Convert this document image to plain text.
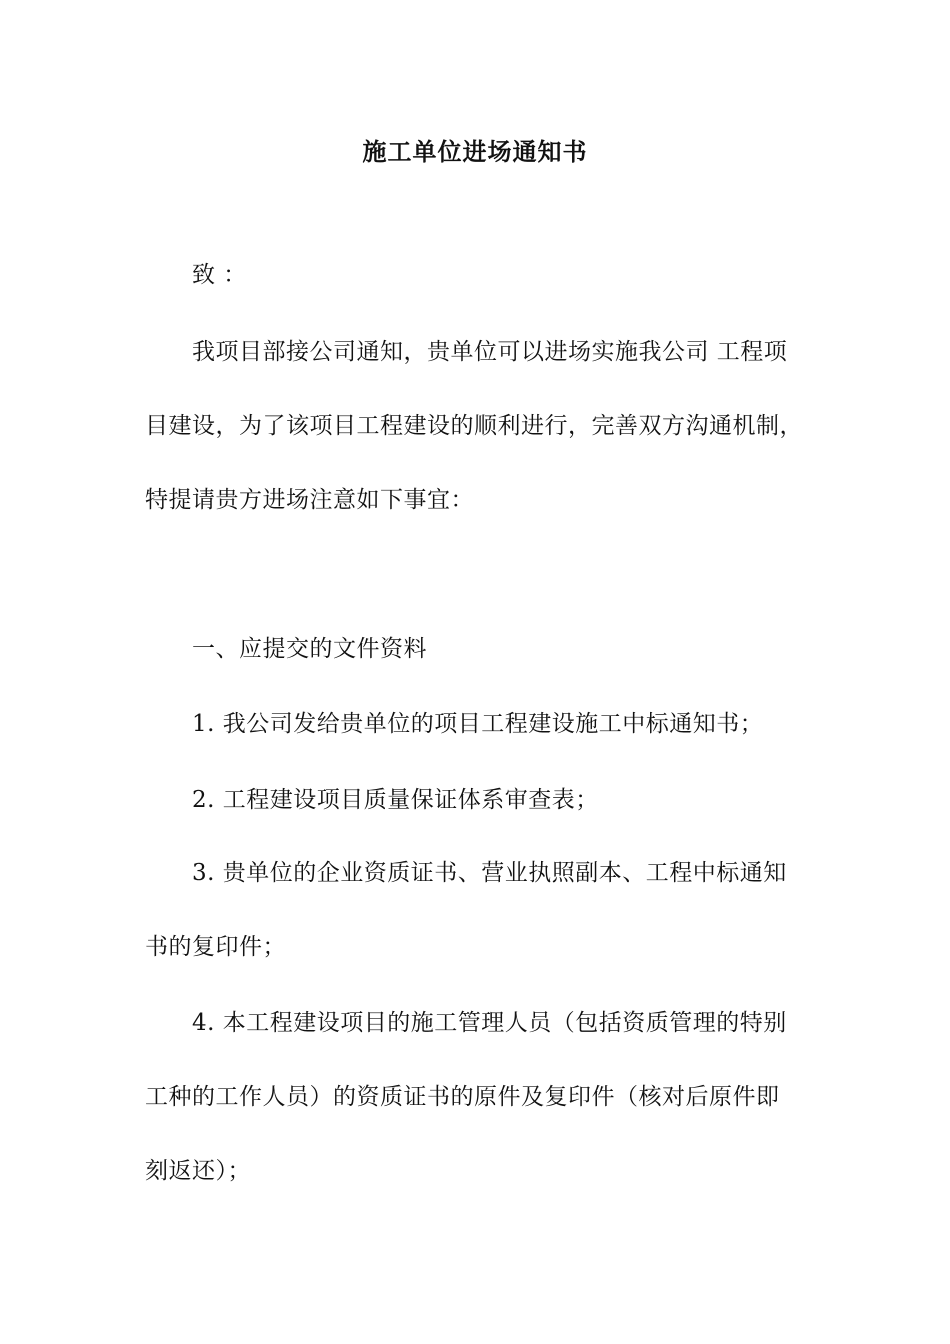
施工单位进场通知书
致 ：
我项目部接公司通知，贵单位可以进场实施我公司 工程项
目建设，为了该项目工程建设的顺利进行，完善双方沟通机制，
特提请贵方进场注意如下事宜：
一、应提交的文件资料
1. 我公司发给贵单位的项目工程建设施工中标通知书；
2. 工程建设项目质量保证体系审查表；
3. 贵单位的企业资质证书、营业执照副本、工程中标通知
书的复印件；
4. 本工程建设项目的施工管理人员（包括资质管理的特别
工种的工作人员）的资质证书的原件及复印件（核对后原件即
刻返还）；
